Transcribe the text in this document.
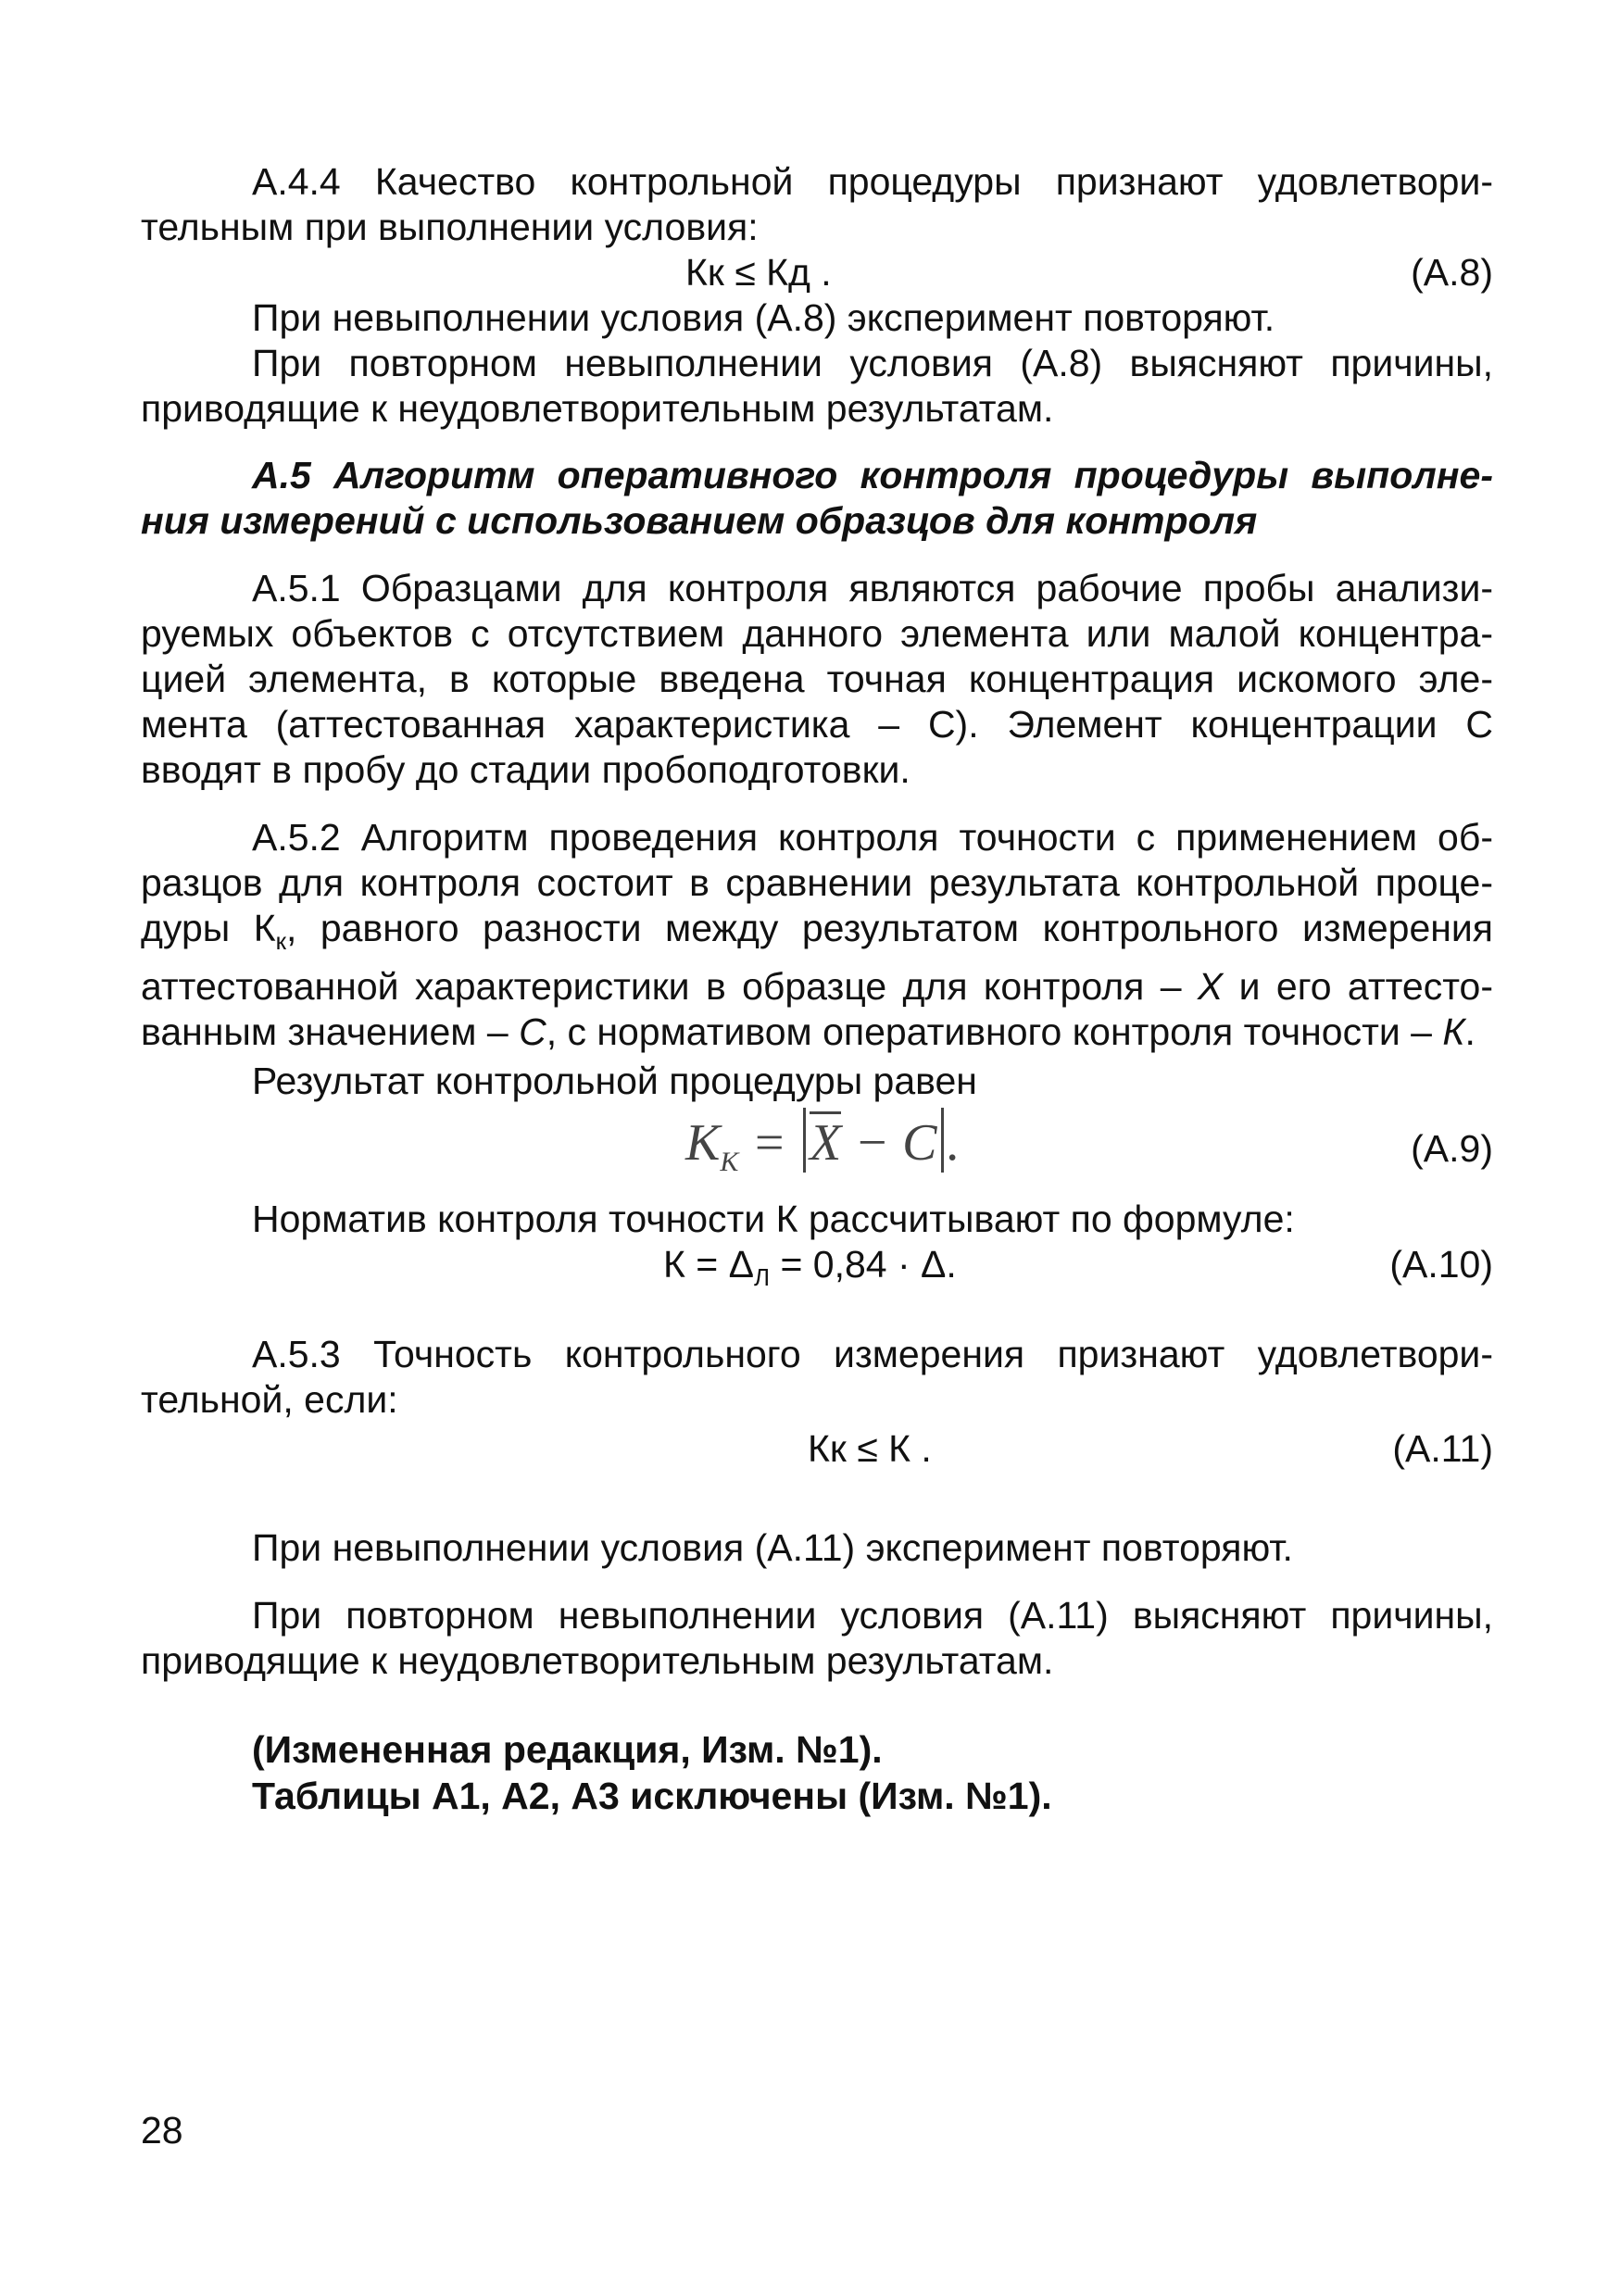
А.4.4 Качество контрольной процедуры признают удовлетвори-тельным при выполнении условия:

Кк ≤ Кд .	(А.8)

При невыполнении условия (А.8) эксперимент повторяют.

При повторном невыполнении условия (А.8) выясняют причины, приводящие к неудовлетворительным результатам.

А.5 Алгоритм оперативного контроля процедуры выполне-ния измерений с использованием образцов для контроля

А.5.1 Образцами для контроля являются рабочие пробы анализи-руемых объектов с отсутствием данного элемента или малой концентра-цией элемента, в которые введена точная концентрация искомого эле-мента (аттестованная характеристика – С). Элемент концентрации С вводят в пробу до стадии пробоподготовки.

А.5.2 Алгоритм проведения контроля точности с применением об-разцов для контроля состоит в сравнении результата контрольной проце-дуры $К_к$, равного разности между результатом контрольного измерения аттестованной характеристики в образце для контроля – X и его аттесто-ванным значением – С, с нормативом оперативного контроля точности – К.

Результат контрольной процедуры равен

$K_K = X - C$ .	(А.9)

Норматив контроля точности К рассчитывают по формуле:

$К = \Delta_Л = 0,84 \cdot \Delta$.	(А.10)

А.5.3 Точность контрольного измерения признают удовлетвори-тельной, если:

Кк ≤ К .	(А.11)

При невыполнении условия (А.11) эксперимент повторяют.

При повторном невыполнении условия (А.11) выясняют причины, приводящие к неудовлетворительным результатам.

(Измененная редакция, Изм. №1).

Таблицы А1, А2, А3 исключены (Изм. №1).

28
